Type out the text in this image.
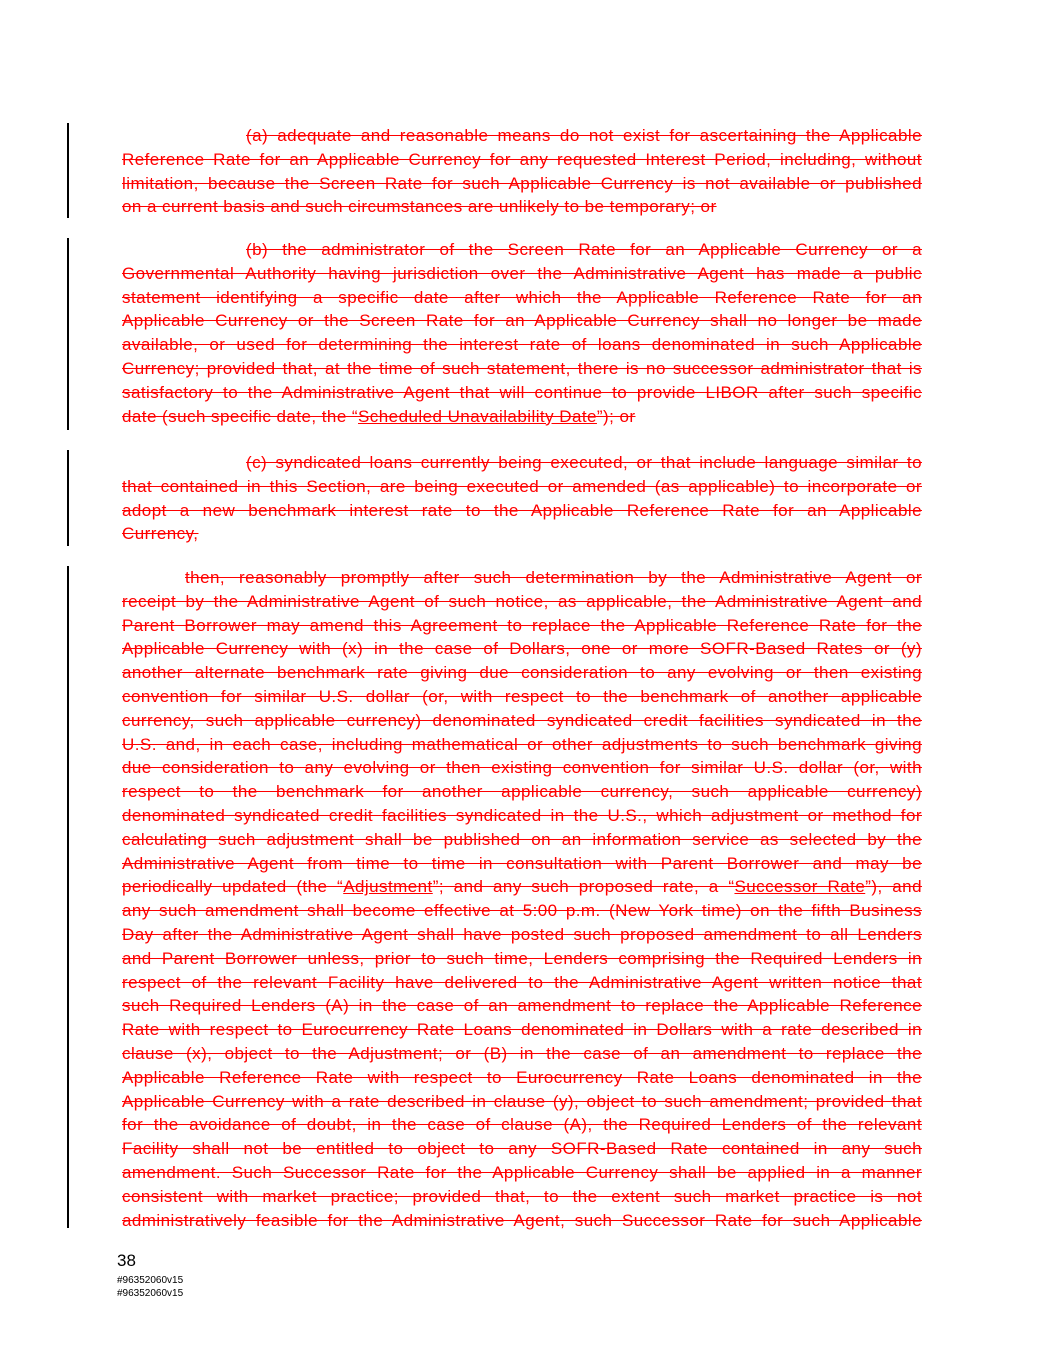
(a) adequate and reasonable means do not exist for ascertaining the Applicable
Reference Rate for an Applicable Currency for any requested Interest Period, including, without
limitation, because the Screen Rate for such Applicable Currency is not available or published
on a current basis and such circumstances are unlikely to be temporary; or
(b) the administrator of the Screen Rate for an Applicable Currency or a
Governmental Authority having jurisdiction over the Administrative Agent has made a public
statement identifying a specific date after which the Applicable Reference Rate for an
Applicable Currency or the Screen Rate for an Applicable Currency shall no longer be made
available, or used for determining the interest rate of loans denominated in such Applicable
Currency; provided that, at the time of such statement, there is no successor administrator that is
satisfactory to the Administrative Agent that will continue to provide LIBOR after such specific
date (such specific date, the “Scheduled Unavailability Date”); or
(c) syndicated loans currently being executed, or that include language similar to
that contained in this Section, are being executed or amended (as applicable) to incorporate or
adopt a new benchmark interest rate to the Applicable Reference Rate for an Applicable
Currency,
then, reasonably promptly after such determination by the Administrative Agent or
receipt by the Administrative Agent of such notice, as applicable, the Administrative Agent and
Parent Borrower may amend this Agreement to replace the Applicable Reference Rate for the
Applicable Currency with (x) in the case of Dollars, one or more SOFR-Based Rates or (y)
another alternate benchmark rate giving due consideration to any evolving or then existing
convention for similar U.S. dollar (or, with respect to the benchmark of another applicable
currency, such applicable currency) denominated syndicated credit facilities syndicated in the
U.S. and, in each case, including mathematical or other adjustments to such benchmark giving
due consideration to any evolving or then existing convention for similar U.S. dollar (or, with
respect to the benchmark for another applicable currency, such applicable currency)
denominated syndicated credit facilities syndicated in the U.S., which adjustment or method for
calculating such adjustment shall be published on an information service as selected by the
Administrative Agent from time to time in consultation with Parent Borrower and may be
periodically updated (the “Adjustment”; and any such proposed rate, a “Successor Rate”), and
any such amendment shall become effective at 5:00 p.m. (New York time) on the fifth Business
Day after the Administrative Agent shall have posted such proposed amendment to all Lenders
and Parent Borrower unless, prior to such time, Lenders comprising the Required Lenders in
respect of the relevant Facility have delivered to the Administrative Agent written notice that
such Required Lenders (A) in the case of an amendment to replace the Applicable Reference
Rate with respect to Eurocurrency Rate Loans denominated in Dollars with a rate described in
clause (x), object to the Adjustment; or (B) in the case of an amendment to replace the
Applicable Reference Rate with respect to Eurocurrency Rate Loans denominated in the
Applicable Currency with a rate described in clause (y), object to such amendment; provided that
for the avoidance of doubt, in the case of clause (A), the Required Lenders of the relevant
Facility shall not be entitled to object to any SOFR-Based Rate contained in any such
amendment. Such Successor Rate for the Applicable Currency shall be applied in a manner
consistent with market practice; provided that, to the extent such market practice is not
administratively feasible for the Administrative Agent, such Successor Rate for such Applicable
38
#96352060v15
#96352060v15
